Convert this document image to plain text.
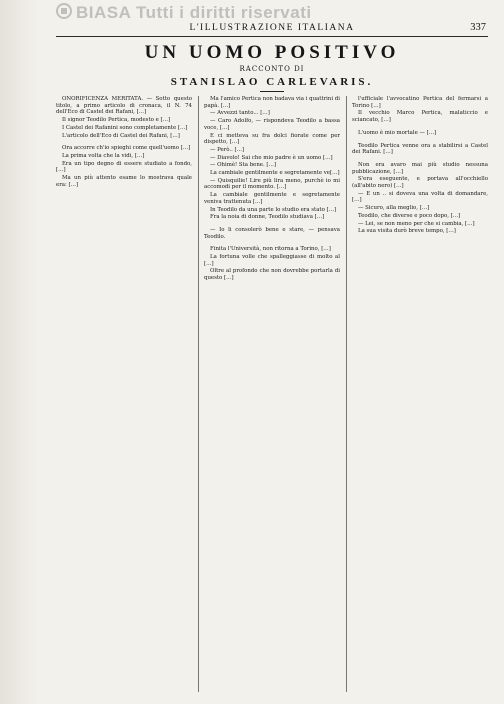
BIASA Tutti i diritti riservati
L'ILLUSTRAZIONE ITALIANA	337
UN UOMO POSITIVO
RACCONTO DI
STANISLAO CARLEVARIS.

ONORIFICENZA MERITATA. — Sotto questo titolo, a primo articolo di cronaca, il N. 74 dell'Eco di Castel dei Rafani, […]

Il signor Teodilo Pertica, modesto e […]

I Castel dei Rafanini sono completamente […]

L'articolo dell'Eco di Castel dei Rafani, […]

Ora accorre ch'io spieghi come quell'uomo […]

La prima volta che la vidi, […]

Era un tipo degno di essere studiato a fondo, […]

Ma un più attento esame lo mostrava quale era: […]

Ma l'amico Pertica non badava via i quattrini di papà. […]

— Avvezzi tanto... […]

— Caro Adolfo, — rispondeva Teodilo a bassa voce, […]

E ci metteva su fra dolci fiorate come per dispetto, […]

— Però.. […]

— Diavolo! Sai che mio padre è un uomo […]

— Ohimè! Sta bene. […]

La cambiale gentilmente e segretamente ve[…]

— Quisquilie! Lire più lira meno, purchè io mi accomodi per il momento. […]

La cambiale gentilmente e segretamente veniva trattenuta […]

In Teodilo da una parte lo studio era stato […]

Fra la noia di donne, Teodilo studiava […]

— Io li consolerò bene e stare, — pensava Teodilo.

Finita l'Università, non ritorna a Torino, […]

La fortuna volle che spalleggiasse di molto al […]

Oltre al profondo che non dovrebbe portarla di questo […]

l'ufficiale l'avvocatino Pertica del fermarsi a Torino […]

Il vecchio Marco Pertica, malaticcio e sciancato, […]

L'uomo è mio mortale — […]

Teodilo Pertica venne ora a stabilirsi a Castel dei Rafani. […]

Non era avaro mai più studio nessuna pubblicazione, […]

S'era eseguente, e portava all'occhiello (all'abito nero) […]

— E un .. si doveva una volta di domandare, […]

— Sicuro, alla meglio, […]

Teodilo, che diverse e poco dopo, […]

— Lei, se non meno per che si cambia, […]

La sua visita durò breve tempo, […]
